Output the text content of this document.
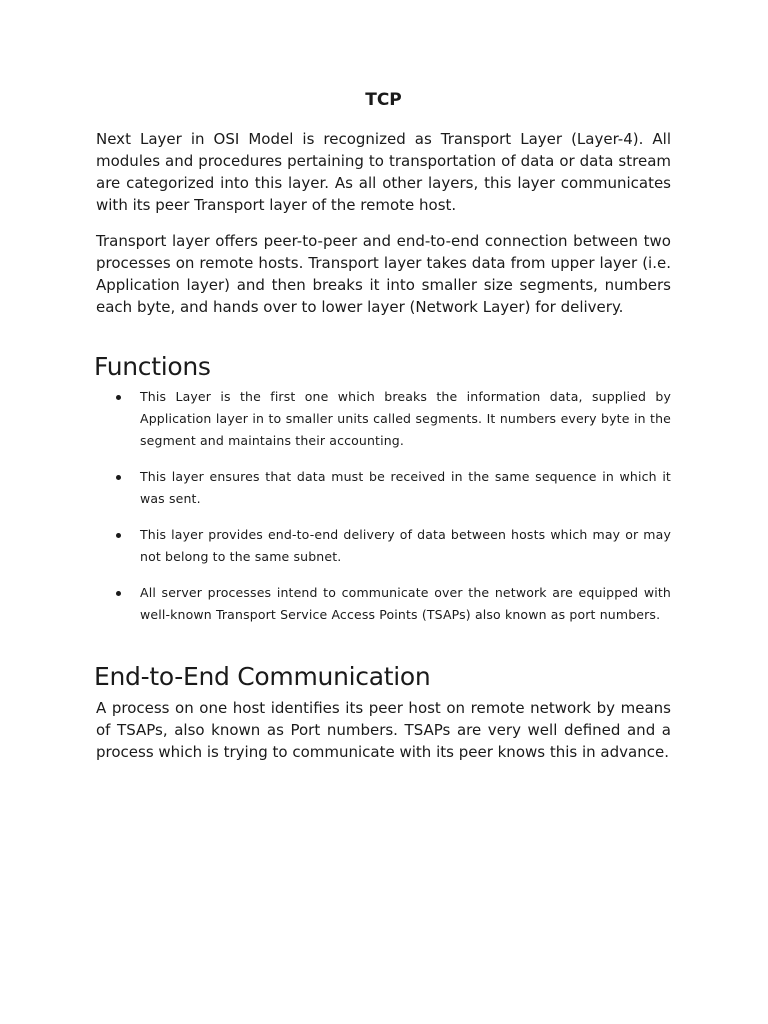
TCP

Next Layer in OSI Model is recognized as Transport Layer (Layer-4). All modules and procedures pertaining to transportation of data or data stream are categorized into this layer. As all other layers, this layer communicates with its peer Transport layer of the remote host.

Transport layer offers peer-to-peer and end-to-end connection between two processes on remote hosts. Transport layer takes data from upper layer (i.e. Application layer) and then breaks it into smaller size segments, numbers each byte, and hands over to lower layer (Network Layer) for delivery.

Functions

This Layer is the first one which breaks the information data, supplied by Application layer in to smaller units called segments. It numbers every byte in the segment and maintains their accounting.

This layer ensures that data must be received in the same sequence in which it was sent.

This layer provides end-to-end delivery of data between hosts which may or may not belong to the same subnet.

All server processes intend to communicate over the network are equipped with well-known Transport Service Access Points (TSAPs) also known as port numbers.

End-to-End Communication

A process on one host identifies its peer host on remote network by means of TSAPs, also known as Port numbers. TSAPs are very well defined and a process which is trying to communicate with its peer knows this in advance.
